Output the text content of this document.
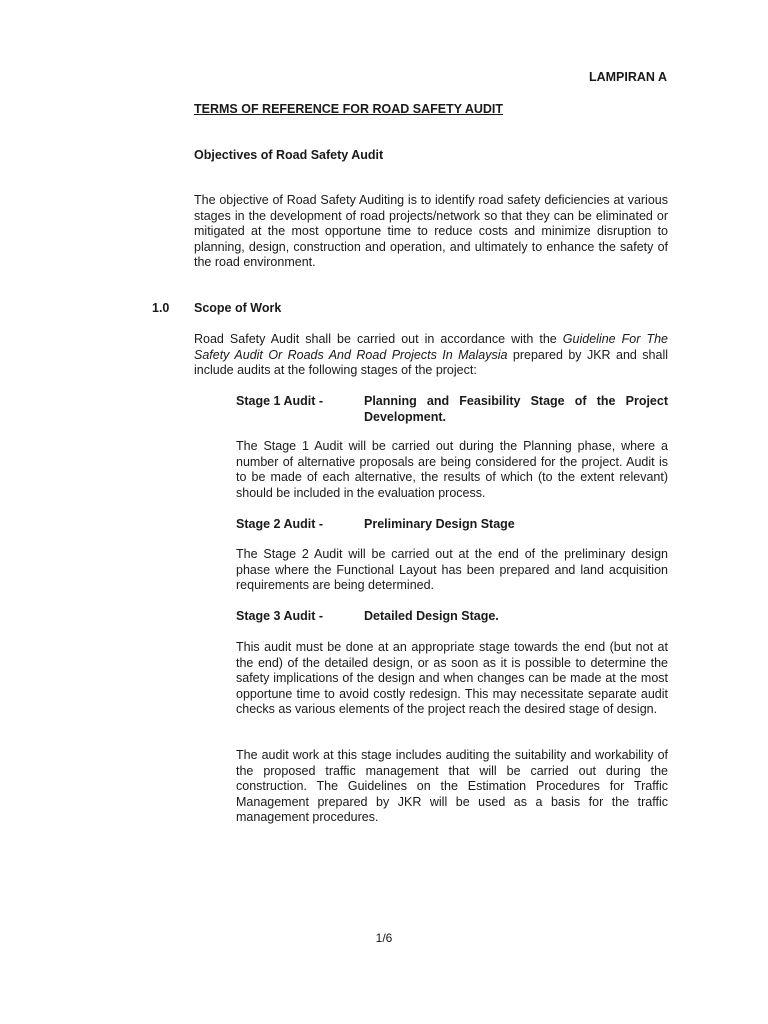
LAMPIRAN A
TERMS OF REFERENCE FOR ROAD SAFETY AUDIT
Objectives of Road Safety Audit

The objective of Road Safety Auditing is to identify road safety deficiencies at various stages in the development of road projects/network so that they can be eliminated or mitigated at the most opportune time to reduce costs and minimize disruption to planning, design, construction and operation, and ultimately to enhance the safety of the road environment.

1.0 Scope of Work

Road Safety Audit shall be carried out in accordance with the Guideline For The Safety Audit Or Roads And Road Projects In Malaysia prepared by JKR and shall include audits at the following stages of the project:

Stage 1 Audit -	Planning and Feasibility Stage of the Project Development.

The Stage 1 Audit will be carried out during the Planning phase, where a number of alternative proposals are being considered for the project. Audit is to be made of each alternative, the results of which (to the extent relevant) should be included in the evaluation process.

Stage 2 Audit -	Preliminary Design Stage

The Stage 2 Audit will be carried out at the end of the preliminary design phase where the Functional Layout has been prepared and land acquisition requirements are being determined.

Stage 3 Audit -	Detailed Design Stage.

This audit must be done at an appropriate stage towards the end (but not at the end) of the detailed design, or as soon as it is possible to determine the safety implications of the design and when changes can be made at the most opportune time to avoid costly redesign. This may necessitate separate audit checks as various elements of the project reach the desired stage of design.

The audit work at this stage includes auditing the suitability and workability of the proposed traffic management that will be carried out during the construction. The Guidelines on the Estimation Procedures for Traffic Management prepared by JKR will be used as a basis for the traffic management procedures.

1/6
